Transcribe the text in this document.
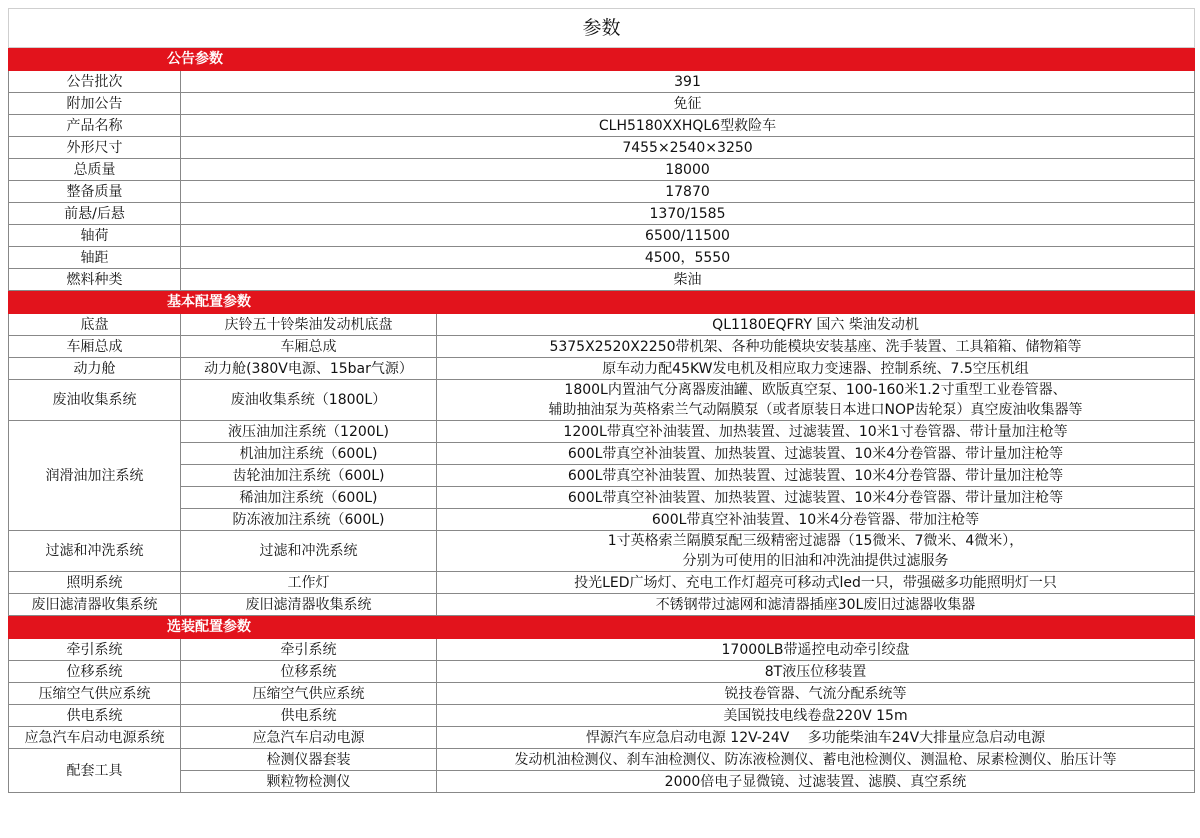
参数		
公告参数		
公告批次	391	
附加公告	免征	
产品名称	CLH5180XXHQL6型救险车	
外形尺寸	7455×2540×3250	
总质量	18000	
整备质量	17870	
前悬/后悬	1370/1585	
轴荷	6500/11500	
轴距	4500，5550	
燃料种类	柴油	
基本配置参数		
底盘	庆铃五十铃柴油发动机底盘	QL1180EQFRY 国六 柴油发动机
车厢总成	车厢总成	5375X2520X2250带机架、各种功能模块安装基座、洗手装置、工具箱箱、储物箱等
动力舱	动力舱(380V电源、15bar气源）	原车动力配45KW发电机及相应取力变速器、控制系统、7.5空压机组
废油收集系统	废油收集系统（1800L）	1800L内置油气分离器废油罐、欧版真空泵、100-160米1.2寸重型工业卷管器、
辅助抽油泵为英格索兰气动隔膜泵（或者原装日本进口NOP齿轮泵）真空废油收集器等

润滑油加注系统	液压油加注系统（1200L)	1200L带真空补油装置、加热装置、过滤装置、10米1寸卷管器、带计量加注枪等
	机油加注系统（600L)	600L带真空补油装置、加热装置、过滤装置、10米4分卷管器、带计量加注枪等
	齿轮油加注系统（600L)	600L带真空补油装置、加热装置、过滤装置、10米4分卷管器、带计量加注枪等
	稀油加注系统（600L)	600L带真空补油装置、加热装置、过滤装置、10米4分卷管器、带计量加注枪等
	防冻液加注系统（600L)	600L带真空补油装置、10米4分卷管器、带加注枪等
过滤和冲洗系统	过滤和冲洗系统	1寸英格索兰隔膜泵配三级精密过滤器（15微米、7微米、4微米），
分别为可使用的旧油和冲洗油提供过滤服务

照明系统	工作灯	投光LED广场灯、充电工作灯超亮可移动式led一只，带强磁多功能照明灯一只
废旧滤清器收集系统	废旧滤清器收集系统	不锈钢带过滤网和滤清器插座30L废旧过滤器收集器
选装配置参数		
牵引系统	牵引系统	17000LB带遥控电动牵引绞盘
位移系统	位移系统	8T液压位移装置
压缩空气供应系统	压缩空气供应系统	锐技卷管器、气流分配系统等
供电系统	供电系统	美国锐技电线卷盘220V 15m
应急汽车启动电源系统	应急汽车启动电源	悍源汽车应急启动电源 12V-24V　 多功能柴油车24V大排量应急启动电源
配套工具	检测仪器套装	发动机油检测仪、刹车油检测仪、防冻液检测仪、蓄电池检测仪、测温枪、尿素检测仪、胎压计等
	颗粒物检测仪	2000倍电子显微镜、过滤装置、滤膜、真空系统
